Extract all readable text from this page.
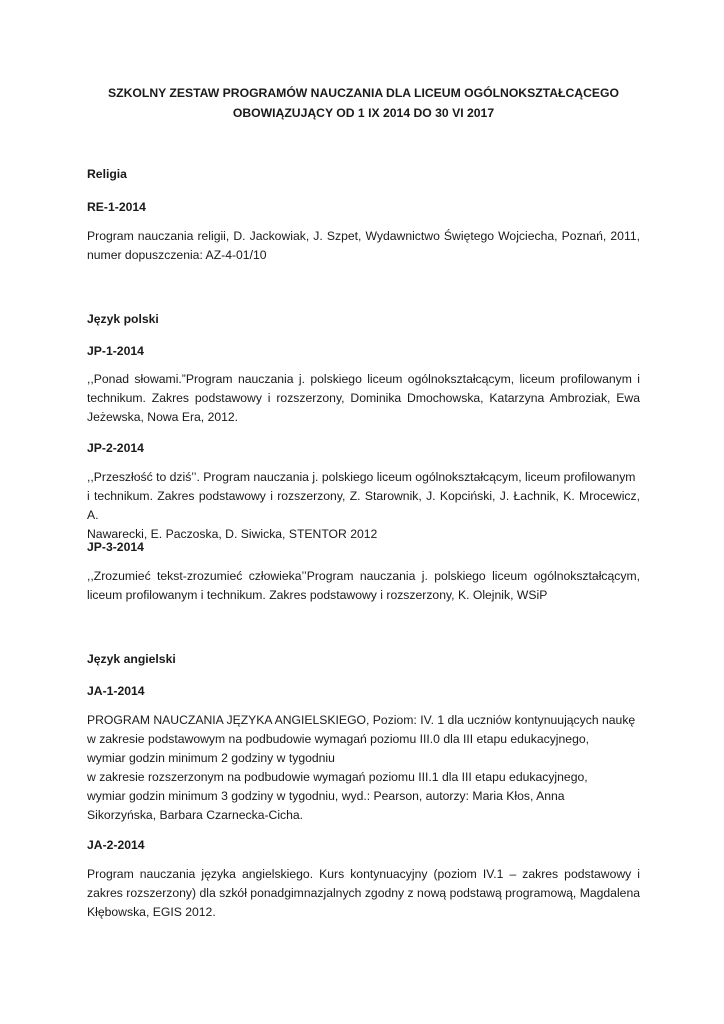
SZKOLNY ZESTAW PROGRAMÓW NAUCZANIA DLA LICEUM OGÓLNOKSZTAŁCĄCEGO
OBOWIĄZUJĄCY OD 1 IX 2014 DO 30 VI 2017
Religia
RE-1-2014
Program nauczania religii, D. Jackowiak, J. Szpet, Wydawnictwo Świętego Wojciecha, Poznań, 2011,
numer dopuszczenia: AZ-4-01/10
Język polski
JP-1-2014
,,Ponad słowami.”Program nauczania j. polskiego liceum ogólnokształcącym, liceum profilowanym i
technikum. Zakres podstawowy i rozszerzony, Dominika Dmochowska, Katarzyna Ambroziak, Ewa
Jeżewska, Nowa Era, 2012.
JP-2-2014
,,Przeszłość to dziś’’. Program nauczania j. polskiego liceum ogólnokształcącym, liceum profilowanym
i technikum. Zakres podstawowy i rozszerzony, Z. Starownik, J. Kopciński, J. Łachnik, K. Mrocewicz, A.
Nawarecki, E. Paczoska, D. Siwicka, STENTOR 2012
JP-3-2014
,,Zrozumieć tekst-zrozumieć człowieka’’Program nauczania j. polskiego liceum ogólnokształcącym,
liceum profilowanym i technikum. Zakres podstawowy i rozszerzony, K. Olejnik, WSiP
Język angielski
JA-1-2014
PROGRAM NAUCZANIA JĘZYKA ANGIELSKIEGO, Poziom: IV. 1 dla uczniów kontynuujących naukę
w zakresie podstawowym na podbudowie wymagań poziomu III.0 dla III etapu edukacyjnego,
wymiar godzin minimum 2 godziny w tygodniu
w zakresie rozszerzonym na podbudowie wymagań poziomu III.1 dla III etapu edukacyjnego,
wymiar godzin minimum 3 godziny w tygodniu, wyd.: Pearson, autorzy: Maria Kłos, Anna
Sikorzyńska, Barbara Czarnecka-Cicha.
JA-2-2014
Program nauczania języka angielskiego. Kurs kontynuacyjny (poziom IV.1 – zakres podstawowy i
zakres rozszerzony) dla szkół ponadgimnazjalnych zgodny z nową podstawą programową, Magdalena
Kłębowska, EGIS 2012.
